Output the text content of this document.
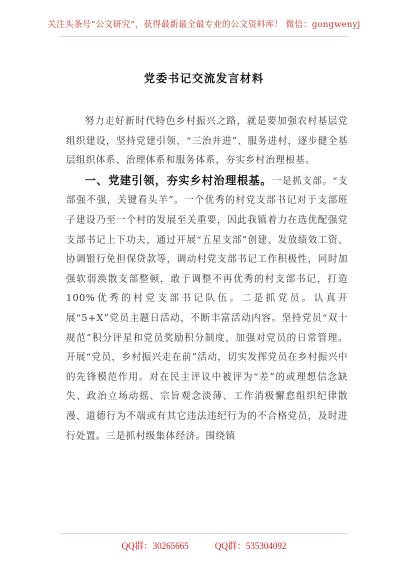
关注头条号“公文研究”，获得最新最全最专业的公文资料库！ 微信：gongwenyj
党委书记交流发言材料

努力走好新时代特色乡村振兴之路，就是要加强农村基层党组织建设，坚持党建引领、“三治并进”、服务进村，逐步健全基层组织体系、治理体系和服务体系，夯实乡村治理根基。

一、党建引领，夯实乡村治理根基。一是抓支部。“支部强不强，关键看头羊”。一个优秀的村党支部书记对于支部班子建设乃至一个村的发展至关重要，因此我镇着力在选优配强党支部书记上下功夫，通过开展“五星支部”创建、发放绩效工资、协调银行免担保贷款等，调动村党支部书记工作积极性，同时加强软弱涣散支部整顿，敢于调整不再优秀的村支部书记，打造100%优秀的村党支部书记队伍。二是抓党员。认真开展“5+X”党员主题日活动，不断丰富活动内容。坚持党员“双十规范”积分评星和党员奖励积分制度，加强对党员的日常管理。开展“党员，乡村振兴走在前”活动，切实发挥党员在乡村振兴中的先锋模范作用。对在民主评议中被评为“差”的或理想信念缺失、政治立场动摇、宗旨观念淡薄、工作消极懈怠组织纪律散漫、道德行为不端或有其它违法违纪行为的不合格党员，及时进行处置。三是抓村级集体经济。围绕镇

QQ群：30265665	QQ群：535304092
